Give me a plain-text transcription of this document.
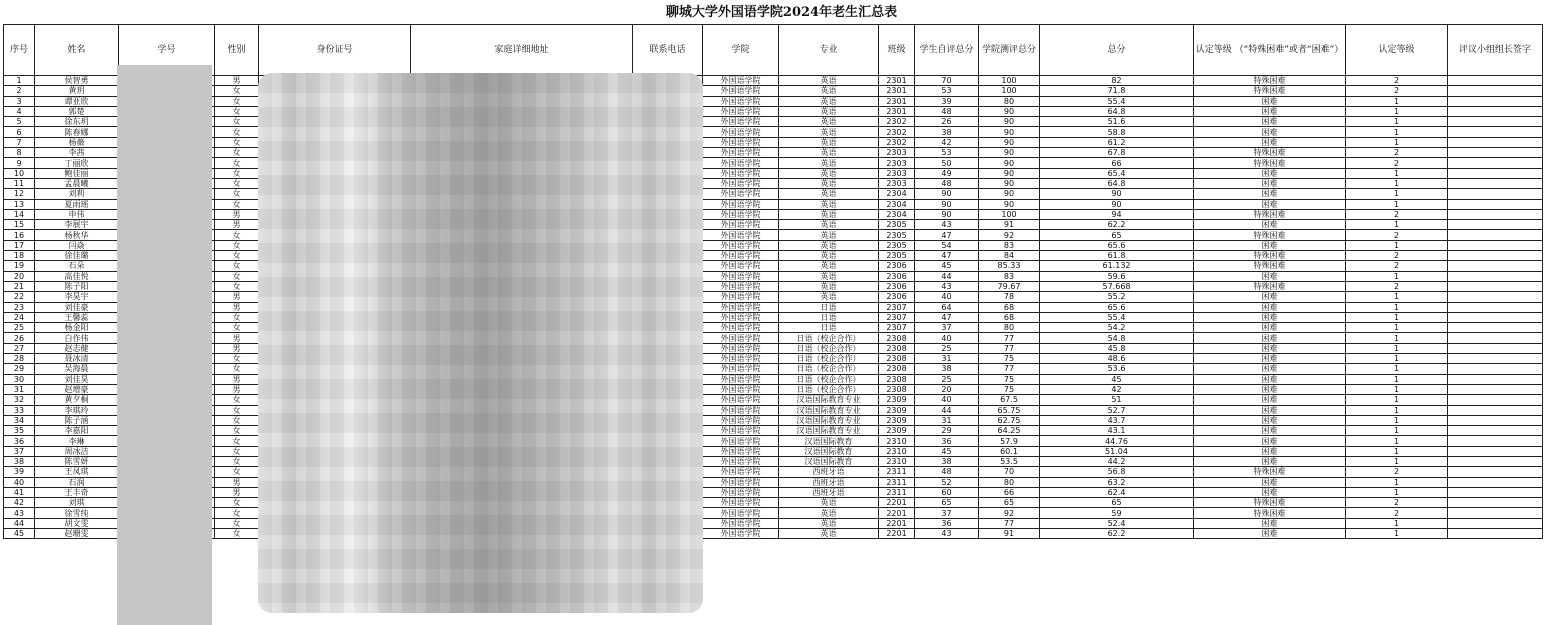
聊城大学外国语学院2024年老生汇总表
序号	姓名	学号	性别	身份证号	家庭详细地址	联系电话	学院	专业	班级	学生自评总分	学院测评总分	总分	认定等级 （“特殊困难”或者“困难”）	认定等级	评议小组组长签字
1	侯智勇		男				外国语学院	英语	2301	70	100	82	特殊困难	2	
2	黄玥		女				外国语学院	英语	2301	53	100	71.8	特殊困难	2	
3	谭亚欣		女				外国语学院	英语	2301	39	80	55.4	困难	1	
4	郭楚		女				外国语学院	英语	2301	48	90	64.8	困难	1	
5	徐东玥		女				外国语学院	英语	2302	26	90	51.6	困难	1	
6	陈春娜		女				外国语学院	英语	2302	38	90	58.8	困难	1	
7	杨薇		女				外国语学院	英语	2302	42	90	61.2	困难	1	
8	李茜		女				外国语学院	英语	2303	53	90	67.8	特殊困难	2	
9	丁丽欣		女				外国语学院	英语	2303	50	90	66	特殊困难	2	
10	鲍佳丽		女				外国语学院	英语	2303	49	90	65.4	困难	1	
11	孟晨曦		女				外国语学院	英语	2303	48	90	64.8	困难	1	
12	刘莉		女				外国语学院	英语	2304	90	90	90	困难	1	
13	夏雨瑶		女				外国语学院	英语	2304	90	90	90	困难	1	
14	申伟		男				外国语学院	英语	2304	90	100	94	特殊困难	2	
15	李展宇		男				外国语学院	英语	2305	43	91	62.2	困难	1	
16	杨秋华		女				外国语学院	英语	2305	47	92	65	特殊困难	2	
17	闫焱		女				外国语学院	英语	2305	54	83	65.6	困难	1	
18	徐佳璐		女				外国语学院	英语	2305	47	84	61.8	特殊困难	2	
19	石朵		女				外国语学院	英语	2306	45	85.33	61.132	特殊困难	2	
20	高佳悦		女				外国语学院	英语	2306	44	83	59.6	困难	1	
21	陈子阳		女				外国语学院	英语	2306	43	79.67	57.668	特殊困难	2	
22	李昊宇		男				外国语学院	英语	2306	40	78	55.2	困难	1	
23	刘佳豪		男				外国语学院	日语	2307	64	68	65.6	困难	1	
24	王馨蕊		女				外国语学院	日语	2307	47	68	55.4	困难	1	
25	杨金阳		女				外国语学院	日语	2307	37	80	54.2	困难	1	
26	白作伟		男				外国语学院	日语（校企合作）	2308	40	77	54.8	困难	1	
27	赵志健		男				外国语学院	日语（校企合作）	2308	25	77	45.8	困难	1	
28	聂冰清		女				外国语学院	日语（校企合作）	2308	31	75	48.6	困难	1	
29	吴海晨		女				外国语学院	日语（校企合作）	2308	38	77	53.6	困难	1	
30	刘佳昊		男				外国语学院	日语（校企合作）	2308	25	75	45	困难	1	
31	赵增豪		男				外国语学院	日语（校企合作）	2308	20	75	42	困难	1	
32	黄夕桐		女				外国语学院	汉语国际教育专业	2309	40	67.5	51	困难	1	
33	李琪玲		女				外国语学院	汉语国际教育专业	2309	44	65.75	52.7	困难	1	
34	陈子涵		女				外国语学院	汉语国际教育专业	2309	31	62.75	43.7	困难	1	
35	李嘉阳		女				外国语学院	汉语国际教育专业	2309	29	64.25	43.1	困难	1	
36	李琳		女				外国语学院	汉语国际教育	2310	36	57.9	44.76	困难	1	
37	周冰洁		女				外国语学院	汉语国际教育	2310	45	60.1	51.04	困难	1	
38	陈雪妍		女				外国语学院	汉语国际教育	2310	38	53.5	44.2	困难	1	
39	王凤琪		女				外国语学院	西班牙语	2311	48	70	56.8	特殊困难	2	
40	石润		男				外国语学院	西班牙语	2311	52	80	63.2	困难	1	
41	王丰奇		男				外国语学院	西班牙语	2311	60	66	62.4	困难	1	
42	刘琪		女				外国语学院	英语	2201	65	65	65	特殊困难	2	
43	徐雪纯		女				外国语学院	英语	2201	37	92	59	特殊困难	2	
44	胡文雯		女				外国语学院	英语	2201	36	77	52.4	困难	1	
45	赵珊雯		女				外国语学院	英语	2201	43	91	62.2	困难	1	
